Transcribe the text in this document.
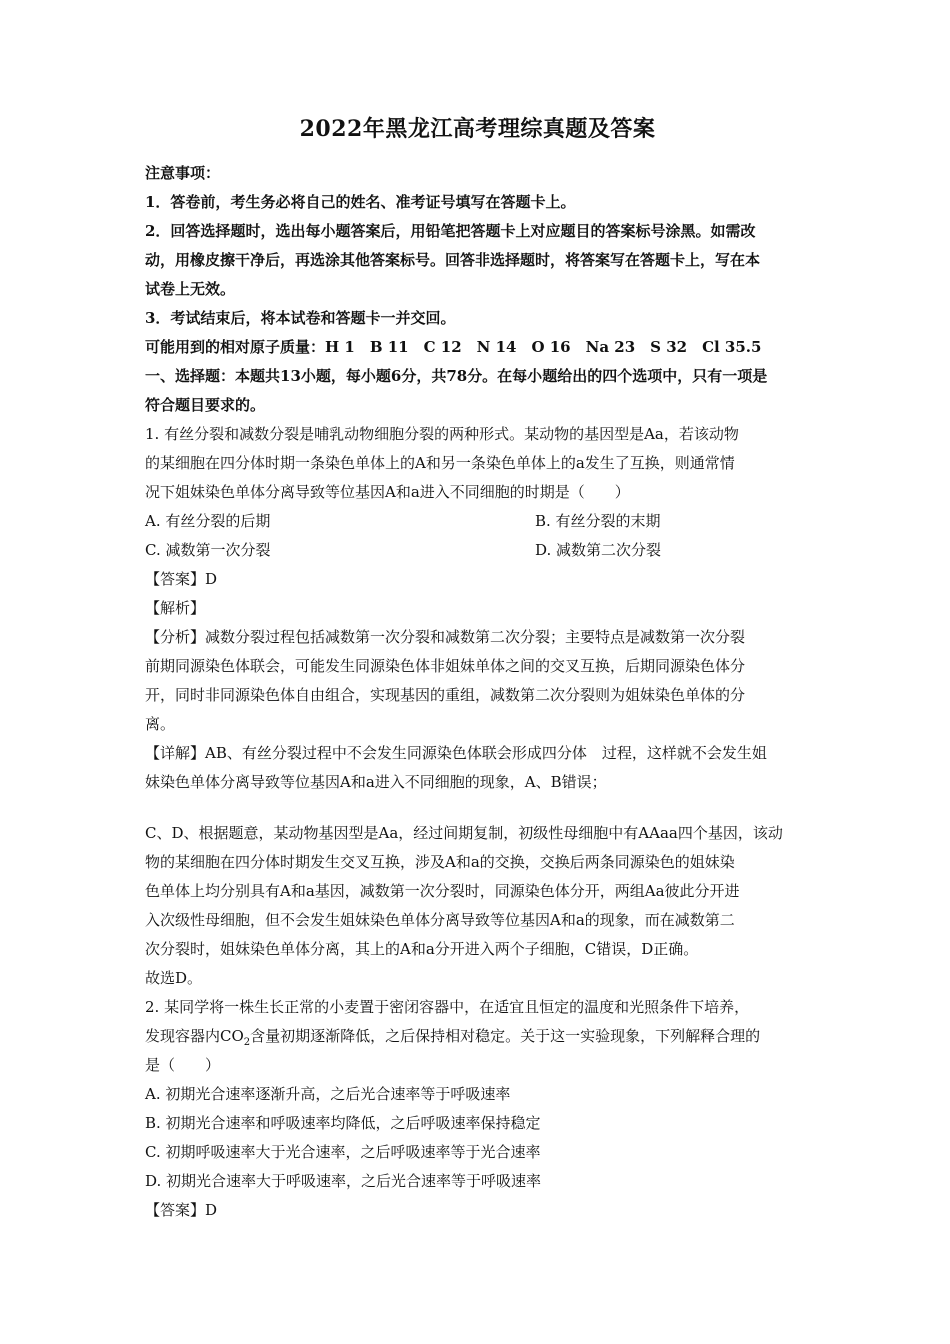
2022年黑龙江高考理综真题及答案

注意事项：

1．答卷前，考生务必将自己的姓名、准考证号填写在答题卡上。

2．回答选择题时，选出每小题答案后，用铅笔把答题卡上对应题目的答案标号涂黑。如需改

动，用橡皮擦干净后，再选涂其他答案标号。回答非选择题时，将答案写在答题卡上，写在本

试卷上无效。

3．考试结束后，将本试卷和答题卡一并交回。

可能用到的相对原子质量：H 1　B 11　C 12　N 14　O 16　Na 23　S 32　Cl 35.5

一、选择题：本题共13小题，每小题6分，共78分。在每小题给出的四个选项中，只有一项是

符合题目要求的。

1. 有丝分裂和减数分裂是哺乳动物细胞分裂的两种形式。某动物的基因型是Aa，若该动物

的某细胞在四分体时期一条染色单体上的A和另一条染色单体上的a发生了互换，则通常情

况下姐妹染色单体分离导致等位基因A和a进入不同细胞的时期是（　　）

A. 有丝分裂的后期	B. 有丝分裂的末期
C. 减数第一次分裂	D. 减数第二次分裂

【答案】D

【解析】

【分析】减数分裂过程包括减数第一次分裂和减数第二次分裂；主要特点是减数第一次分裂

前期同源染色体联会，可能发生同源染色体非姐妹单体之间的交叉互换，后期同源染色体分

开，同时非同源染色体自由组合，实现基因的重组，减数第二次分裂则为姐妹染色单体的分

离。

【详解】AB、有丝分裂过程中不会发生同源染色体联会形成四分体　过程，这样就不会发生姐

妹染色单体分离导致等位基因A和a进入不同细胞的现象，A、B错误；

C、D、根据题意，某动物基因型是Aa，经过间期复制，初级性母细胞中有AAaa四个基因，该动

物的某细胞在四分体时期发生交叉互换，涉及A和a的交换，交换后两条同源染色的姐妹染

色单体上均分别具有A和a基因，减数第一次分裂时，同源染色体分开，两组Aa彼此分开进

入次级性母细胞，但不会发生姐妹染色单体分离导致等位基因A和a的现象，而在减数第二

次分裂时，姐妹染色单体分离，其上的A和a分开进入两个子细胞，C错误，D正确。

故选D。

2. 某同学将一株生长正常的小麦置于密闭容器中，在适宜且恒定的温度和光照条件下培养，

发现容器内$CO_2$含量初期逐渐降低，之后保持相对稳定。关于这一实验现象，下列解释合理的

是（　　）

A. 初期光合速率逐渐升高，之后光合速率等于呼吸速率

B. 初期光合速率和呼吸速率均降低，之后呼吸速率保持稳定

C. 初期呼吸速率大于光合速率，之后呼吸速率等于光合速率

D. 初期光合速率大于呼吸速率，之后光合速率等于呼吸速率

【答案】D
